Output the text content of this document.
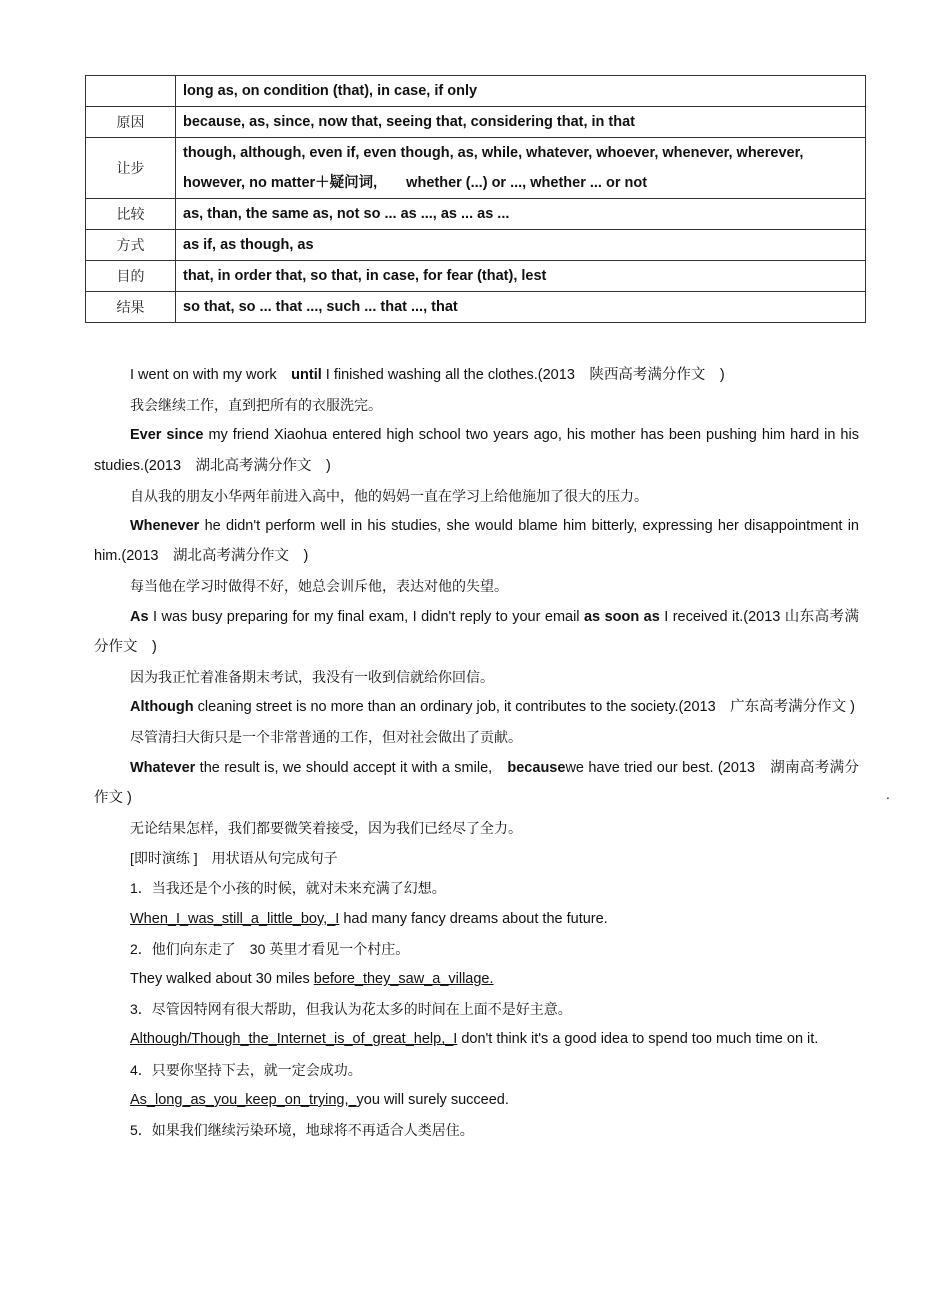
	long as, on condition (that), in case, if only
原因	because, as, since, now that, seeing that, considering that, in that
让步	though, although, even if, even though, as, while, whatever, whoever, whenever, wherever,
however, no matter＋疑问词,　　whether (...) or ..., whether ... or not

比较	as, than, the same as, not so ... as ..., as ... as ...
方式	as if, as though, as
目的	that, in order that, so that, in case, for fear (that), lest
结果	so that, so ... that ..., such ... that ..., that

I went on with my work　until I finished washing all the clothes.(2013　陕西高考满分作文　)

我会继续工作，直到把所有的衣服洗完。

Ever since my friend Xiaohua entered high school two years ago, his mother has been pushing him hard in his studies.(2013　湖北高考满分作文　)

自从我的朋友小华两年前进入高中，他的妈妈一直在学习上给他施加了很大的压力。

Whenever he didn't perform well in his studies, she would blame him bitterly, expressing her disappointment in him.(2013　湖北高考满分作文　)

每当他在学习时做得不好，她总会训斥他，表达对他的失望。

As I was busy preparing for my final exam, I didn't reply to your email as soon as I received it.(2013 山东高考满分作文　)

因为我正忙着准备期末考试，我没有一收到信就给你回信。

Although cleaning street is no more than an ordinary job, it contributes to the society.(2013　广东高考满分作文 )

尽管清扫大街只是一个非常普通的工作，但对社会做出了贡献。

Whatever the result is, we should accept it with a smile,　becausewe have tried our best. (2013　湖南高考满分作文 )

无论结果怎样，我们都要微笑着接受，因为我们已经尽了全力。

[即时演练 ]　用状语从句完成句子

1．当我还是个小孩的时候，就对未来充满了幻想。

When_I_was_still_a_little_boy,_I had many fancy dreams about the future.

2．他们向东走了　30 英里才看见一个村庄。

They walked about 30 miles before_they_saw_a_village.

3．尽管因特网有很大帮助，但我认为花太多的时间在上面不是好主意。

Although/Though_the_Internet_is_of_great_help,_I don't think it's a good idea to spend too much time on it.

4．只要你坚持下去，就一定会成功。

As_long_as_you_keep_on_trying,_you will surely succeed.

5．如果我们继续污染环境，地球将不再适合人类居住。

.
